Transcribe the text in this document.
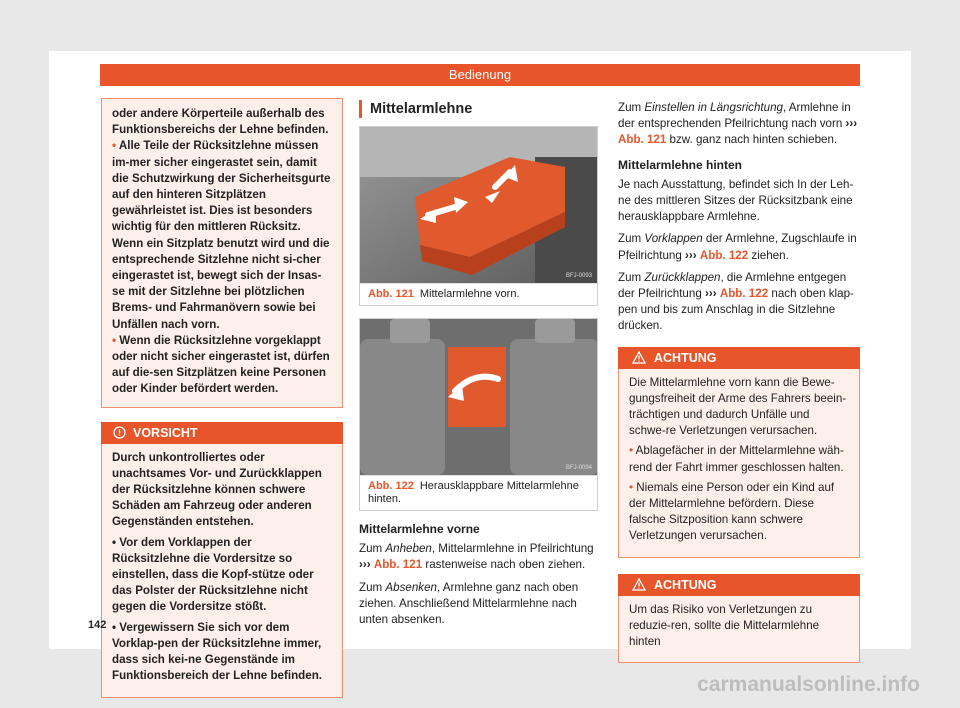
Bedienung

oder andere Körperteile außerhalb des Funktionsbereichs der Lehne befinden.

• Alle Teile der Rücksitzlehne müssen im-mer sicher eingerastet sein, damit die Schutzwirkung der Sicherheitsgurte auf den hinteren Sitzplätzen gewährleistet ist. Dies ist besonders wichtig für den mittleren Rücksitz. Wenn ein Sitzplatz benutzt wird und die entsprechende Sitzlehne nicht si-cher eingerastet ist, bewegt sich der Insas-se mit der Sitzlehne bei plötzlichen Brems- und Fahrmanövern sowie bei Unfällen nach vorn.

• Wenn die Rücksitzlehne vorgeklappt oder nicht sicher eingerastet ist, dürfen auf die-sen Sitzplätzen keine Personen oder Kinder befördert werden.

VORSICHT

Durch unkontrolliertes oder unachtsames Vor- und Zurückklappen der Rücksitzlehne können schwere Schäden am Fahrzeug oder anderen Gegenständen entstehen.

• Vor dem Vorklappen der Rücksitzlehne die Vordersitze so einstellen, dass die Kopf-stütze oder das Polster der Rücksitzlehne nicht gegen die Vordersitze stößt.

• Vergewissern Sie sich vor dem Vorklap-pen der Rücksitzlehne immer, dass sich kei-ne Gegenstände im Funktionsbereich der Lehne befinden.

Mittelarmlehne
BFJ-0093
Abb. 121 Mittelarmlehne vorn.
BFJ-0094
Abb. 122 Herausklappbare Mittelarmlehne hinten.
Mittelarmlehne vorne

Zum Anheben, Mittelarmlehne in Pfeilrichtung
››› Abb. 121 rastenweise nach oben ziehen.

Zum Absenken, Armlehne ganz nach oben ziehen. Anschließend Mittelarmlehne nach unten absenken.

Zum Einstellen in Längsrichtung, Armlehne in der entsprechenden Pfeilrichtung nach vorn ››› Abb. 121 bzw. ganz nach hinten schieben.

Mittelarmlehne hinten

Je nach Ausstattung, befindet sich In der Leh-ne des mittleren Sitzes der Rücksitzbank eine herausklappbare Armlehne.

Zum Vorklappen der Armlehne, Zugschlaufe in Pfeilrichtung ››› Abb. 122 ziehen.

Zum Zurückklappen, die Armlehne entgegen der Pfeilrichtung ››› Abb. 122 nach oben klap-pen und bis zum Anschlag in die Sitzlehne drücken.

ACHTUNG

Die Mittelarmlehne vorn kann die Bewe-gungsfreiheit der Arme des Fahrers beein-trächtigen und dadurch Unfälle und schwe-re Verletzungen verursachen.

• Ablagefächer in der Mittelarmlehne wäh-rend der Fahrt immer geschlossen halten.

• Niemals eine Person oder ein Kind auf der Mittelarmlehne befördern. Diese falsche Sitzposition kann schwere Verletzungen verursachen.

ACHTUNG

Um das Risiko von Verletzungen zu reduzie-ren, sollte die Mittelarmlehne hinten

142
carmanualsonline.info
